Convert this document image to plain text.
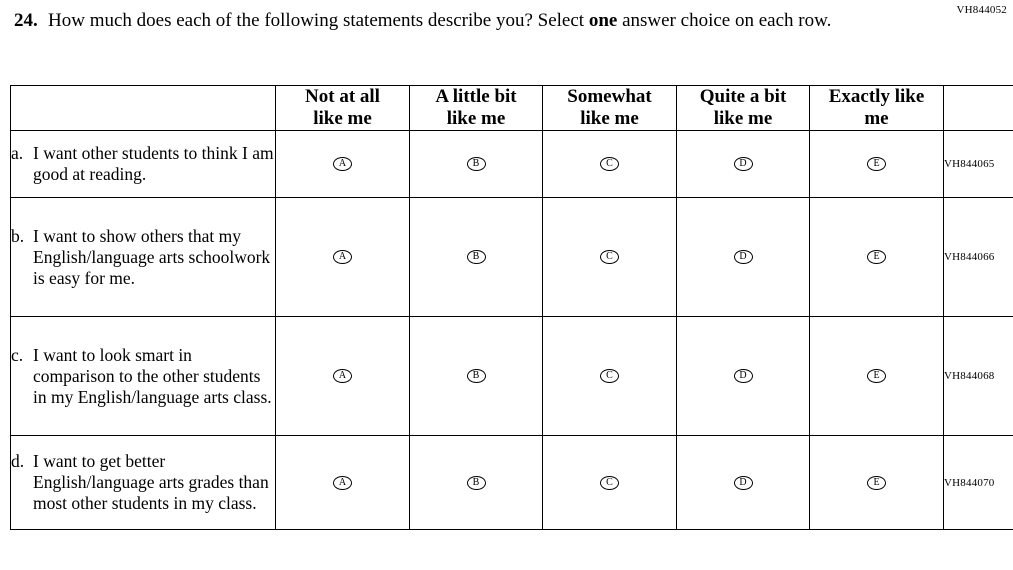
VH844052
24. How much does each of the following statements describe you? Select one answer choice on each row.

Not at all
like me

A little bit
like me

Somewhat
like me

Quite a bit
like me

Exactly like
me

a. I want other students to think I am good at reading.	A	B	C	D	E	VH844065

b. I want to show others that my English/language arts schoolwork is easy for me.	A	B	C	D	E	VH844066

c. I want to look smart in comparison to the other students in my English/language arts class.	A	B	C	D	E	VH844068

d. I want to get better English/language arts grades than most other students in my class.	A	B	C	D	E	VH844070
